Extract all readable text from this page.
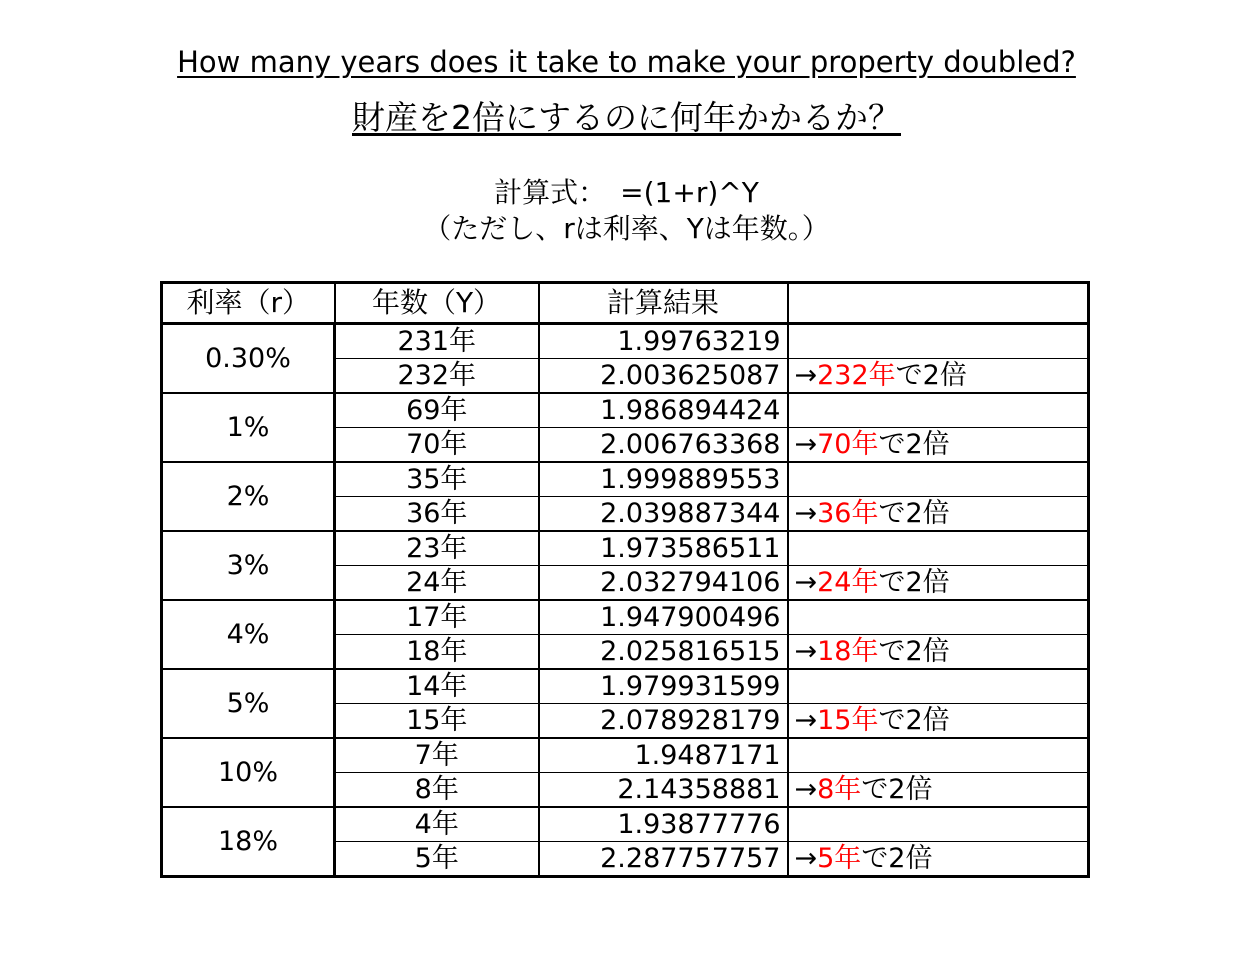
How many years does it take to make your property doubled?
財産を2倍にするのに何年かかるか？
計算式：　=(1+r)^Y
（ただし、rは利率、Yは年数。）
利率（r）	年数（Y）	計算結果	
0.30%	231年	1.99763219	
	232年	2.003625087	→232年で2倍
1%	69年	1.986894424	
	70年	2.006763368	→70年で2倍
2%	35年	1.999889553	
	36年	2.039887344	→36年で2倍
3%	23年	1.973586511	
	24年	2.032794106	→24年で2倍
4%	17年	1.947900496	
	18年	2.025816515	→18年で2倍
5%	14年	1.979931599	
	15年	2.078928179	→15年で2倍
10%	7年	1.9487171	
	8年	2.14358881	→8年で2倍
18%	4年	1.93877776	
	5年	2.287757757	→5年で2倍
